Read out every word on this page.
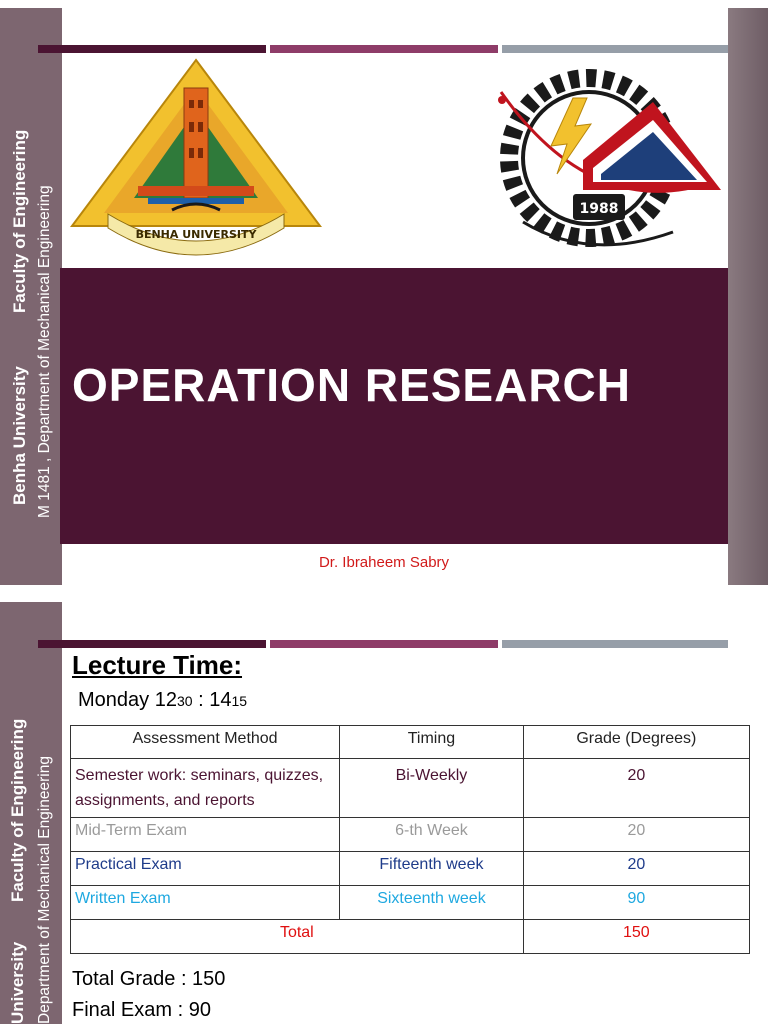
Benha University
Faculty of Engineering M 1481 , Department of Mechanical Engineering	BENHA UNIVERSITY
1988
OPERATION RESEARCH
Dr. Ibraheem Sabry
University
Faculty of Engineering Department of Mechanical Engineering
Lecture Time:
Monday 1230 : 1415
Assessment Method	Timing	Grade (Degrees)
Semester work: seminars, quizzes, assignments, and reports	Bi-Weekly	20
Mid-Term Exam	6-th Week	20
Practical Exam	Fifteenth week	20
Written Exam	Sixteenth week	90
Total		150
Total Grade : 150
Final Exam : 90
